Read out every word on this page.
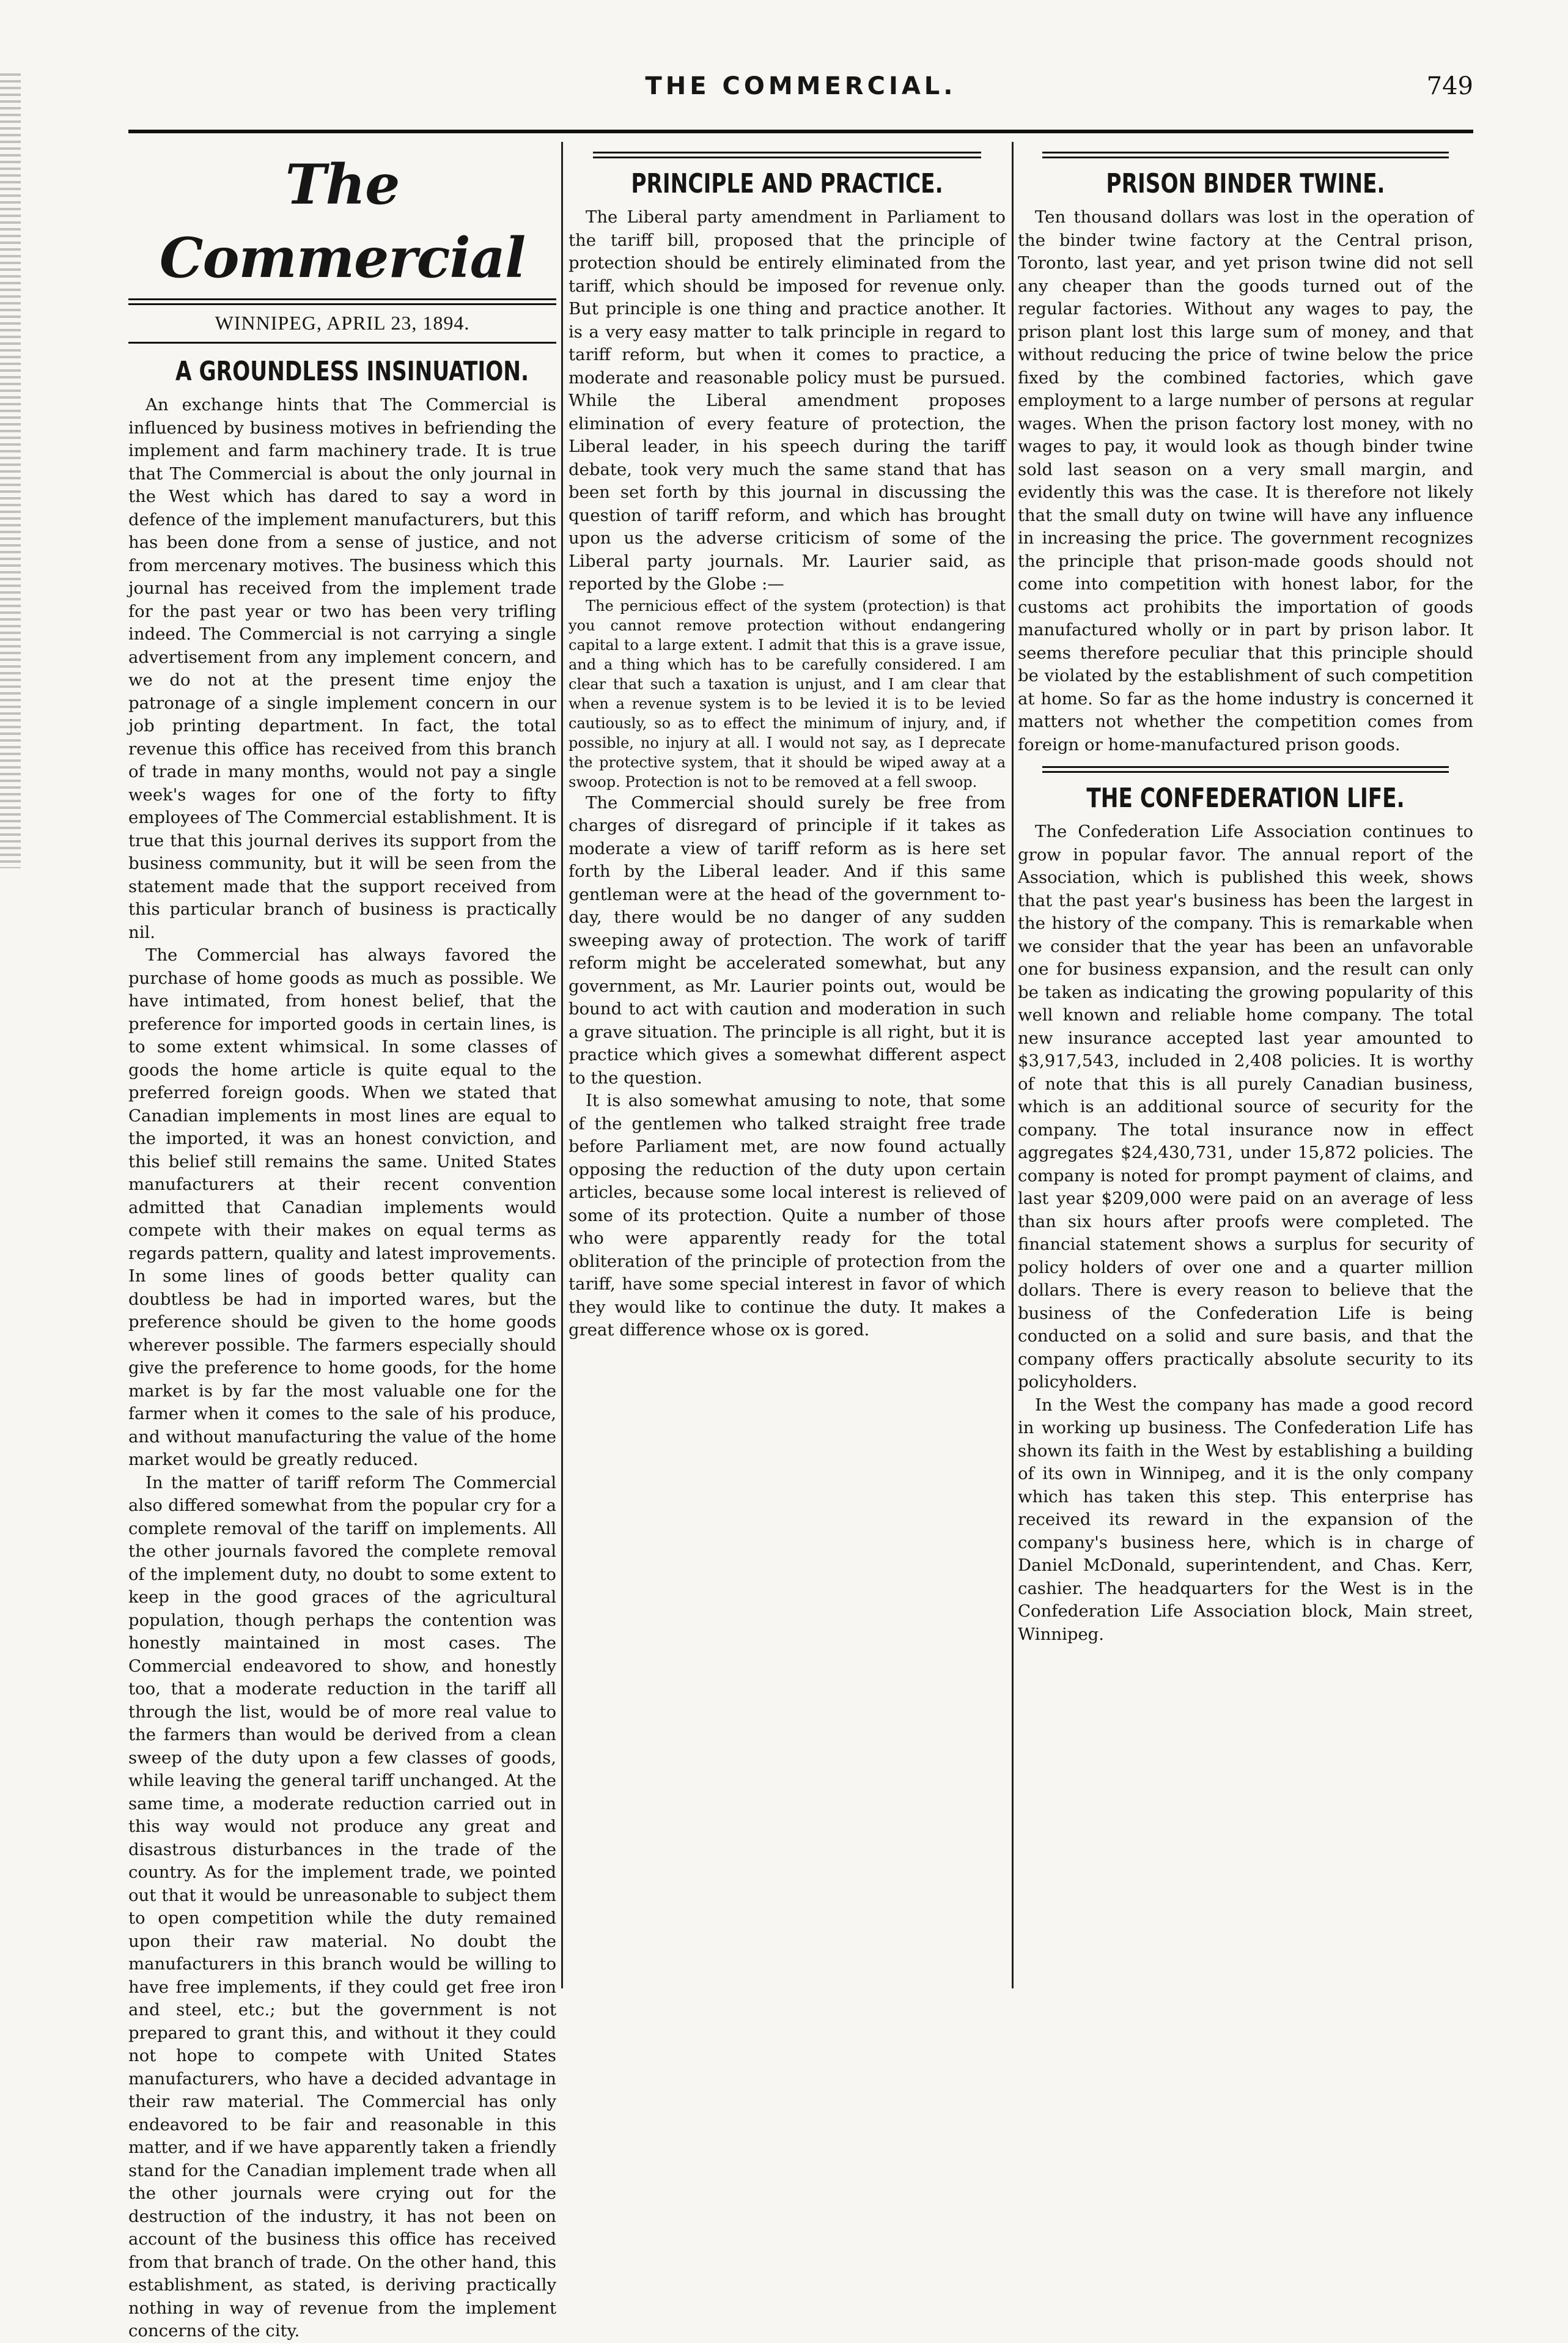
THE COMMERCIAL.	749
The Commercial
WINNIPEG, APRIL 23, 1894.
A GROUNDLESS INSINUATION.

An exchange hints that The Commercial is influenced by business motives in befriending the implement and farm machinery trade. It is true that The Commercial is about the only journal in the West which has dared to say a word in defence of the implement manufacturers, but this has been done from a sense of justice, and not from mercenary motives. The business which this journal has received from the implement trade for the past year or two has been very trifling indeed. The Commercial is not carrying a single advertisement from any implement concern, and we do not at the present time enjoy the patronage of a single implement concern in our job printing department. In fact, the total revenue this office has received from this branch of trade in many months, would not pay a single week's wages for one of the forty to fifty employees of The Commercial establishment. It is true that this journal derives its support from the business community, but it will be seen from the statement made that the support received from this particular branch of business is practically nil.

The Commercial has always favored the purchase of home goods as much as possible. We have intimated, from honest belief, that the preference for imported goods in certain lines, is to some extent whimsical. In some classes of goods the home article is quite equal to the preferred foreign goods. When we stated that Canadian implements in most lines are equal to the imported, it was an honest conviction, and this belief still remains the same. United States manufacturers at their recent convention admitted that Canadian implements would compete with their makes on equal terms as regards pattern, quality and latest improvements. In some lines of goods better quality can doubtless be had in imported wares, but the preference should be given to the home goods wherever possible. The farmers especially should give the preference to home goods, for the home market is by far the most valuable one for the farmer when it comes to the sale of his produce, and without manufacturing the value of the home market would be greatly reduced.

In the matter of tariff reform The Commercial also differed somewhat from the popular cry for a complete removal of the tariff on implements. All the other journals favored the complete removal of the implement duty, no doubt to some extent to keep in the good graces of the agricultural population, though perhaps the contention was honestly maintained in most cases. The Commercial endeavored to show, and honestly too, that a moderate reduction in the tariff all through the list, would be of more real value to the farmers than would be derived from a clean sweep of the duty upon a few classes of goods, while leaving the general tariff unchanged. At the same time, a moderate reduction carried out in this way would not produce any great and disastrous disturbances in the trade of the country. As for the implement trade, we pointed out that it would be unreasonable to subject them to open competition while the duty remained upon their raw material. No doubt the manufacturers in this branch would be willing to have free implements, if they could get free iron and steel, etc.; but the government is not prepared to grant this, and without it they could not hope to compete with United States manufacturers, who have a decided advantage in their raw material. The Commercial has only endeavored to be fair and reasonable in this matter, and if we have apparently taken a friendly stand for the Canadian implement trade when all the other journals were crying out for the destruction of the industry, it has not been on account of the business this office has received from that branch of trade. On the other hand, this establishment, as stated, is deriving practically nothing in way of revenue from the implement concerns of the city.

PRINCIPLE AND PRACTICE.

The Liberal party amendment in Parliament to the tariff bill, proposed that the principle of protection should be entirely eliminated from the tariff, which should be imposed for revenue only. But principle is one thing and practice another. It is a very easy matter to talk principle in regard to tariff reform, but when it comes to practice, a moderate and reasonable policy must be pursued. While the Liberal amendment proposes elimination of every feature of protection, the Liberal leader, in his speech during the tariff debate, took very much the same stand that has been set forth by this journal in discussing the question of tariff reform, and which has brought upon us the adverse criticism of some of the Liberal party journals. Mr. Laurier said, as reported by the Globe :—

The pernicious effect of the system (protection) is that you cannot remove protection without endangering capital to a large extent. I admit that this is a grave issue, and a thing which has to be carefully considered. I am clear that such a taxation is unjust, and I am clear that when a revenue system is to be levied it is to be levied cautiously, so as to effect the minimum of injury, and, if possible, no injury at all. I would not say, as I deprecate the protective system, that it should be wiped away at a swoop. Protection is not to be removed at a fell swoop.

The Commercial should surely be free from charges of disregard of principle if it takes as moderate a view of tariff reform as is here set forth by the Liberal leader. And if this same gentleman were at the head of the government to-day, there would be no danger of any sudden sweeping away of protection. The work of tariff reform might be accelerated somewhat, but any government, as Mr. Laurier points out, would be bound to act with caution and moderation in such a grave situation. The principle is all right, but it is practice which gives a somewhat different aspect to the question.

It is also somewhat amusing to note, that some of the gentlemen who talked straight free trade before Parliament met, are now found actually opposing the reduction of the duty upon certain articles, because some local interest is relieved of some of its protection. Quite a number of those who were apparently ready for the total obliteration of the principle of protection from the tariff, have some special interest in favor of which they would like to continue the duty. It makes a great difference whose ox is gored.

PRISON BINDER TWINE.

Ten thousand dollars was lost in the operation of the binder twine factory at the Central prison, Toronto, last year, and yet prison twine did not sell any cheaper than the goods turned out of the regular factories. Without any wages to pay, the prison plant lost this large sum of money, and that without reducing the price of twine below the price fixed by the combined factories, which gave employment to a large number of persons at regular wages. When the prison factory lost money, with no wages to pay, it would look as though binder twine sold last season on a very small margin, and evidently this was the case. It is therefore not likely that the small duty on twine will have any influence in increasing the price. The government recognizes the principle that prison-made goods should not come into competition with honest labor, for the customs act prohibits the importation of goods manufactured wholly or in part by prison labor. It seems therefore peculiar that this principle should be violated by the establishment of such competition at home. So far as the home industry is concerned it matters not whether the competition comes from foreign or home-manufactured prison goods.

THE CONFEDERATION LIFE.

The Confederation Life Association continues to grow in popular favor. The annual report of the Association, which is published this week, shows that the past year's business has been the largest in the history of the company. This is remarkable when we consider that the year has been an unfavorable one for business expansion, and the result can only be taken as indicating the growing popularity of this well known and reliable home company. The total new insurance accepted last year amounted to $3,917,543, included in 2,408 policies. It is worthy of note that this is all purely Canadian business, which is an additional source of security for the company. The total insurance now in effect aggregates $24,430,731, under 15,872 policies. The company is noted for prompt payment of claims, and last year $209,000 were paid on an average of less than six hours after proofs were completed. The financial statement shows a surplus for security of policy holders of over one and a quarter million dollars. There is every reason to believe that the business of the Confederation Life is being conducted on a solid and sure basis, and that the company offers practically absolute security to its policyholders.

In the West the company has made a good record in working up business. The Confederation Life has shown its faith in the West by establishing a building of its own in Winnipeg, and it is the only company which has taken this step. This enterprise has received its reward in the expansion of the company's business here, which is in charge of Daniel McDonald, superintendent, and Chas. Kerr, cashier. The headquarters for the West is in the Confederation Life Association block, Main street, Winnipeg.
